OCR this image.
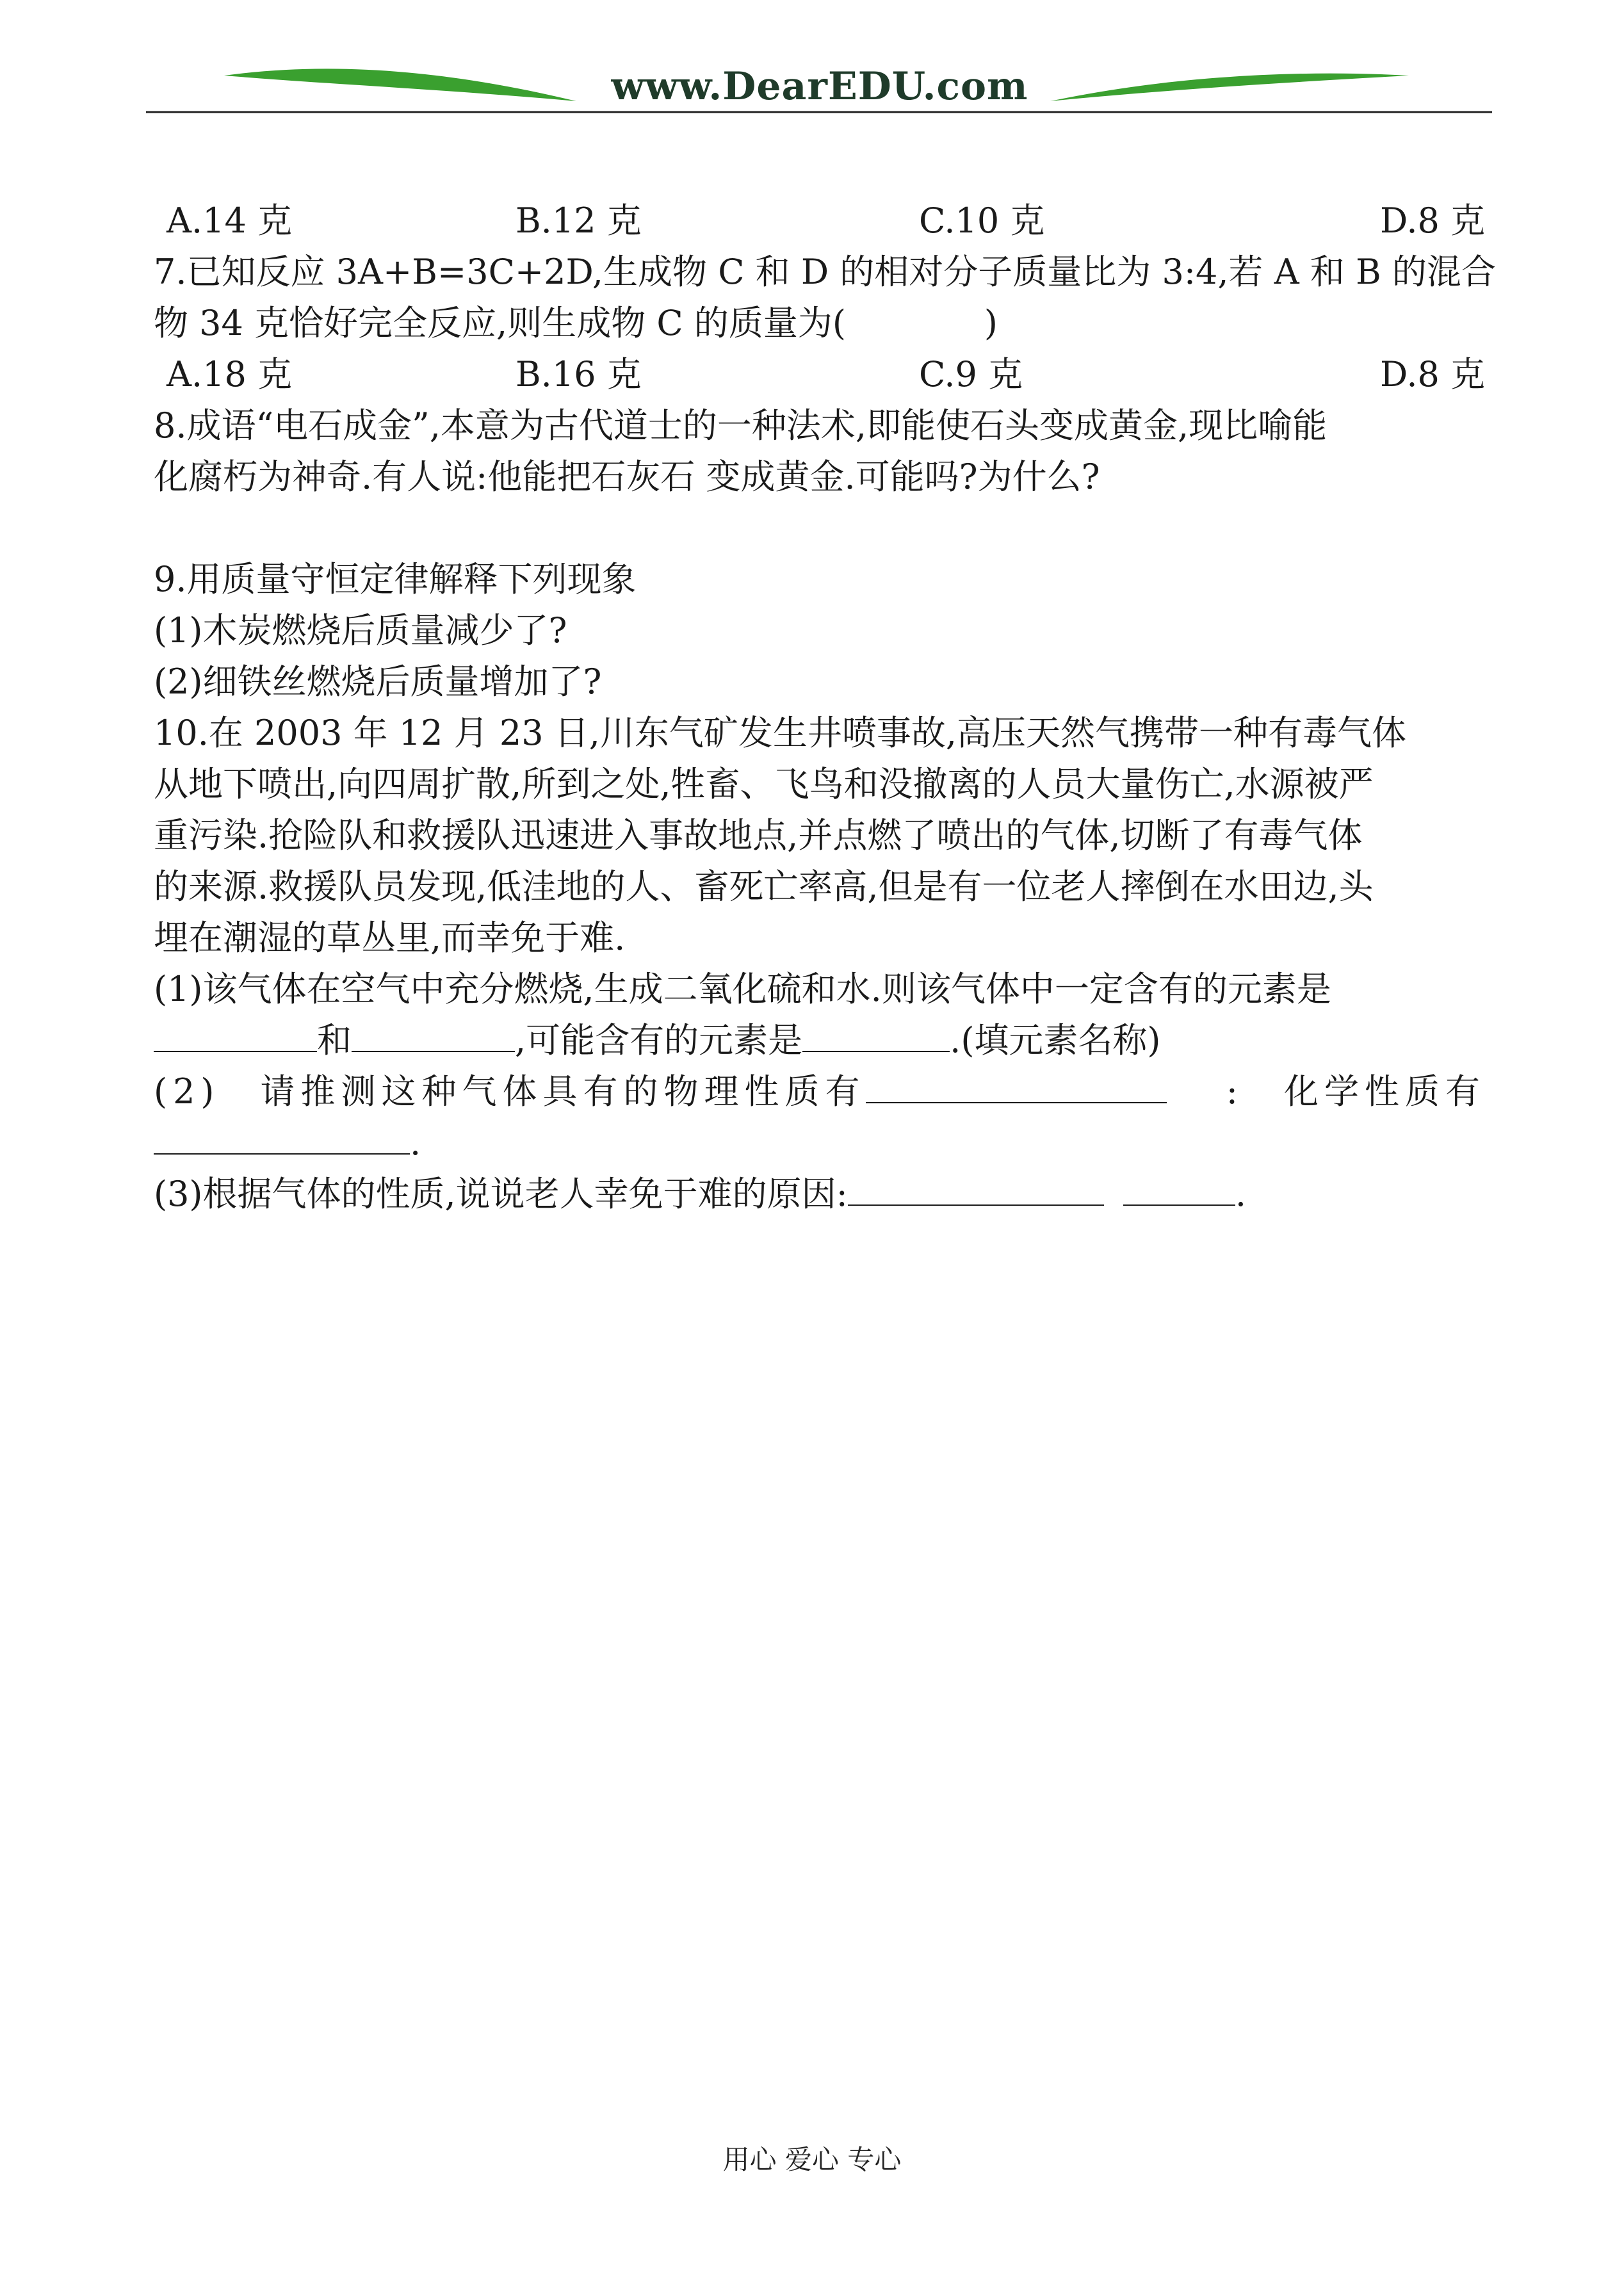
www.DearEDU.com
A.14 克	B.12 克	C.10 克	D.8 克
7.已知反应 3A+B=3C+2D,生成物 C 和 D 的相对分子质量比为 3:4,若 A 和 B 的混合
物 34 克恰好完全反应,则生成物 C 的质量为(　　　　)
A.18 克	B.16 克	C.9 克	D.8 克
8.成语“电石成金”,本意为古代道士的一种法术,即能使石头变成黄金,现比喻能
化腐朽为神奇.有人说:他能把石灰石 变成黄金.可能吗?为什么?
9.用质量守恒定律解释下列现象
(1)木炭燃烧后质量减少了?
(2)细铁丝燃烧后质量增加了?
10.在 2003 年 12 月 23 日,川东气矿发生井喷事故,高压天然气携带一种有毒气体
从地下喷出,向四周扩散,所到之处,牲畜、飞鸟和没撤离的人员大量伤亡,水源被严
重污染.抢险队和救援队迅速进入事故地点,并点燃了喷出的气体,切断了有毒气体
的来源.救援队员发现,低洼地的人、畜死亡率高,但是有一位老人摔倒在水田边,头
埋在潮湿的草丛里,而幸免于难.
(1)该气体在空气中充分燃烧,生成二氧化硫和水.则该气体中一定含有的元素是
和	,可能含有的元素是	.(填元素名称)
(2)　请推测这种气体具有的物理性质有	:　化学性质有
.
(3)根据气体的性质,说说老人幸免于难的原因:	.
用心 爱心 专心
